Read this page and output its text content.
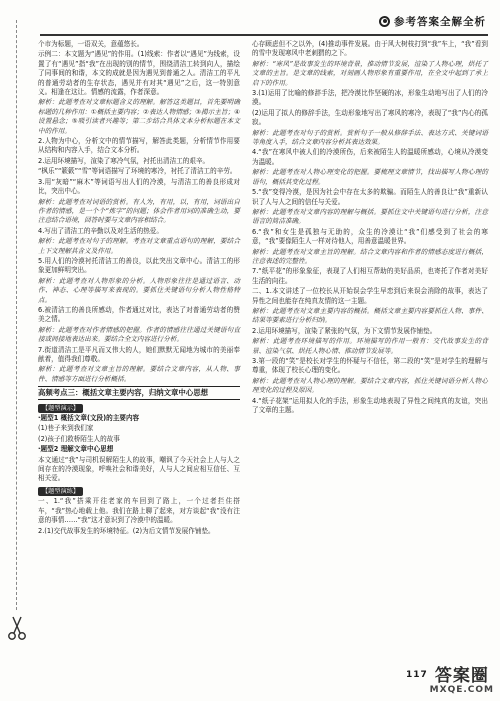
参考答案全解全析

个市为标题，一语双关，意蕴悠长。

示例二：本文题为“遇见”的作用。(1)线索：作者以“遇见”为线索，设置了有“遇见”指“我”在出现的别的情节，围绕清洁工转到向人，描绘了同事间的和谐，本文的成就是因为遇见到普通之人。清洁工的平凡的普通劳动者的生存状态，遇见并有对其“遇见”之后，这一特别意义。相逢在这让。情感的流露，作者深意。

解析：此题考查对文章标题含义的理解。解答这类题目，首先要明确标题的几种作用：①概括主要内容；②表达人物情感；③揭示主旨；④设置悬念；⑤吸引读者兴趣等；第二步结合具体文本分析标题在本文中的作用。

2.人物为中心，分析文中的情节描写，解答此类题，分析情节作用要从结构和内容入手，结合文本分析。

2.运用环境描写，渲染了寒冷气氛，衬托出清洁工的艰辛。

“枫乐”“簌簌”“雪”等词语描写了环境的寒冷，衬托了清洁工的辛劳。

3.用“灰暗”“麻木”等词语写出人们的冷漠，与清洁工的善良形成对比，突出中心。

解析：此题考查对词语的赏析。有人为，有用，以，有用，词语出自作者的情感，是一个个“炼字”的问题；体会作者用词的准确生动，要注意结合语境，回答时要与文章内容相结合。

4.写出了清洁工的辛勤以及对生活的热爱。

解析：此题考查对句子的理解。考查对文章重点语句的理解，要结合上下文理解其含义及作用。

5.用人们的冷漠衬托清洁工的善良，以此突出文章中心。清洁工的形象更加鲜明突出。

解析：此题考查对人物形象的分析。人物形象往往是通过语言、动作、神态、心理等描写来表现的。要抓住关键语句分析人物性格特点。

6.被清洁工的善良所感动，作者通过对比，表达了对普通劳动者的赞美之情。

解析：此题考查对作者情感的把握。作者的情感往往通过关键语句直接或间接地表达出来。要结合全文内容进行分析。

7.街道清洁工是平凡而又伟大的人，她们默默无闻地为城市的美丽奉献着，值得我们尊敬。

解析：此题考查对文章主旨的理解。要结合文章内容，从人物、事件、情感等方面进行分析概括。

高频考点三：概括文章主要内容，归纳文章中心思想
【题型演示】

·题型1 概括文章(文段)的主要内容

(1)巷子来到我们家

(2)孩子们救桥陌生人的故事

·题型2 理解文章中心思想

本文通过“我”与司机误解陌生人的故事，嘲讽了今天社会上人与人之间存在的冷漠现象，呼唤社会和谐美好，人与人之间应相互信任、互相关爱。

【题型演练】

一、1.“我”搭乘开往老家的车回到了路上，一个过者拦住搭车，“我”热心地载上他。我们在路上聊了起来，对方谈起“我”没有注意的事情……“我”这才意识到了冷漠中的温暖。

2.(1)交代故事发生的环境特征。(2)为后文情节发展作铺垫。

心存顾虑但不之以外，(4)推动事件发展。由于风大树枝打到“我”车上，“我”看到的雪中发现寒风中老刺猬的之下。

解析：“寒风”是故事发生的环境背景，推动情节发展，渲染了人物心理，烘托了文章的主旨。是文章的线索，对刻画人物形象有重要作用，在全文中起到了承上启下的作用。

3.(1)运用了比喻的修辞手法，把冷漠比作坚硬的冰，形象生动地写出了人们的冷漠。

(2)运用了拟人的修辞手法，生动形象地写出了寒风的寒冷，表现了“我”内心的孤寂。

解析：此题考查对句子的赏析。赏析句子一般从修辞手法、表达方式、关键词语等角度入手，结合文章内容分析其表达效果。

4.“我”在寒风中被人们的冷漠所伤，后来被陌生人的温暖所感动，心境从冷漠变为温暖。

解析：此题考查对人物心理变化的把握。要梳理文章情节，找出描写人物心理的语句，概括其变化过程。

5.“我”变得冷漠，是因为社会中存在太多的欺骗。而陌生人的善良让“我”重新认识了人与人之间的信任与关爱。

解析：此题考查对文章内容的理解与概括。要抓住文中关键语句进行分析，注意语言的简洁准确。

6.“我”和女生是孤独与无助的，众生的冷漠让“我”们感受到了社会的寒意，“我”要像陌生人一样对待他人，用善意温暖世界。

解析：此题考查对文章主旨的理解。结合文章内容和作者的情感态度进行概括，注意表述的完整性。

7.“纸平花”的形象象征，表现了人们相互帮助的美好品质，也寄托了作者对美好生活的向往。

二、1.本文讲述了一位校长从开始误会学生早恋到后来误会消除的故事，表达了异性之间也能存在纯真友情的这一主题。

解析：此题考查对文章主要内容的概括。概括文章主要内容要抓住人物、事件、结果等要素进行分析归纳。

2.运用环境描写，渲染了紧张的气氛，为下文情节发展作铺垫。

解析：此题考查环境描写的作用。环境描写的作用一般有：交代故事发生的背景、渲染气氛、烘托人物心情、推动情节发展等。

3.第一段的“笑”是校长对学生的怀疑与不信任，第二段的“笑”是对学生的理解与尊重，体现了校长心理的变化。

解析：此题考查对人物心理的理解。要结合文章内容，抓住关键词语分析人物心理变化的过程及原因。

4.“纸子花架”运用拟人化的手法，形象生动地表现了异性之间纯真的友谊，突出了文章的主题。

117 答案圈
MXQE.COM
